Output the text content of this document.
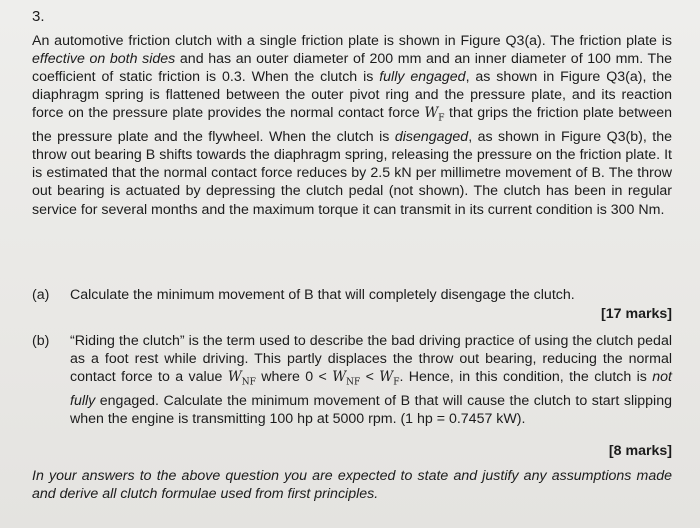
3.
An automotive friction clutch with a single friction plate is shown in Figure Q3(a). The friction plate is effective on both sides and has an outer diameter of 200 mm and an inner diameter of 100 mm. The coefficient of static friction is 0.3. When the clutch is fully engaged, as shown in Figure Q3(a), the diaphragm spring is flattened between the outer pivot ring and the pressure plate, and its reaction force on the pressure plate provides the normal contact force $W_F$ that grips the friction plate between the pressure plate and the flywheel. When the clutch is disengaged, as shown in Figure Q3(b), the throw out bearing B shifts towards the diaphragm spring, releasing the pressure on the friction plate. It is estimated that the normal contact force reduces by 2.5 kN per millimetre movement of B. The throw out bearing is actuated by depressing the clutch pedal (not shown). The clutch has been in regular service for several months and the maximum torque it can transmit in its current condition is 300 Nm.
(a) Calculate the minimum movement of B that will completely disengage the clutch.
[17 marks]
(b) “Riding the clutch” is the term used to describe the bad driving practice of using the clutch pedal as a foot rest while driving. This partly displaces the throw out bearing, reducing the normal contact force to a value $W_{NF}$ where $0 < W_{NF} < W_F$. Hence, in this condition, the clutch is not fully engaged. Calculate the minimum movement of B that will cause the clutch to start slipping when the engine is transmitting 100 hp at 5000 rpm. (1 hp = 0.7457 kW).
[8 marks]
In your answers to the above question you are expected to state and justify any assumptions made and derive all clutch formulae used from first principles.
